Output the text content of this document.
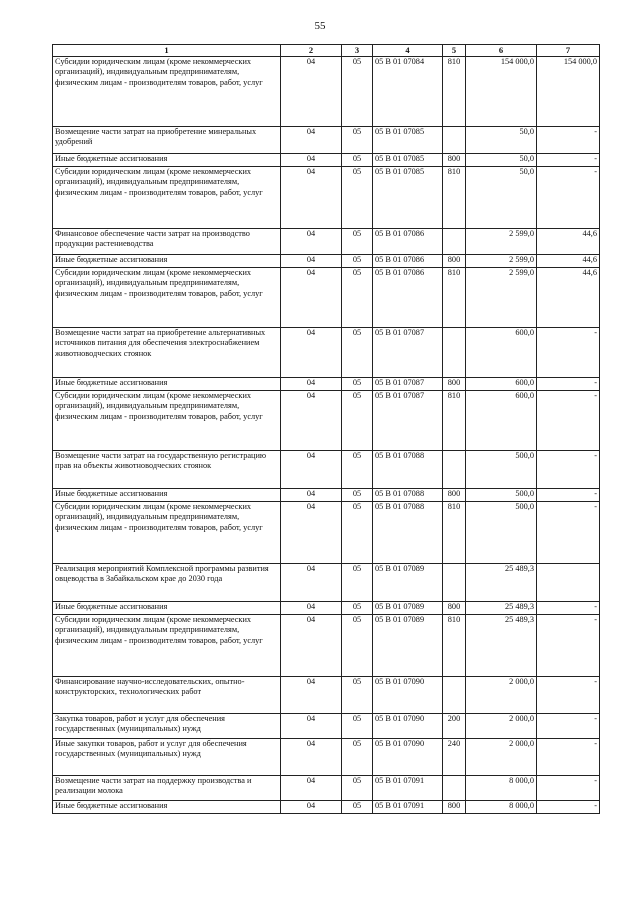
55
1	2	3	4	5	6	7
Субсидии юридическим лицам (кроме некоммерческих организаций), индивидуальным предпринимателям, физическим лицам - производителям товаров, работ, услуг	04	05	05 В 01 07084	810	154 000,0	154 000,0
Возмещение части затрат на приобретение минеральных удобрений	04	05	05 В 01 07085		50,0	-
Иные бюджетные ассигнования	04	05	05 В 01 07085	800	50,0	-
Субсидии юридическим лицам (кроме некоммерческих организаций), индивидуальным предпринимателям, физическим лицам - производителям товаров, работ, услуг	04	05	05 В 01 07085	810	50,0	-
Финансовое обеспечение части затрат на производство продукции растениеводства	04	05	05 В 01 07086		2 599,0	44,6
Иные бюджетные ассигнования	04	05	05 В 01 07086	800	2 599,0	44,6
Субсидии юридическим лицам (кроме некоммерческих организаций), индивидуальным предпринимателям, физическим лицам - производителям товаров, работ, услуг	04	05	05 В 01 07086	810	2 599,0	44,6
Возмещение части затрат на приобретение альтернативных источников питания для обеспечения электроснабжением животноводческих стоянок	04	05	05 В 01 07087		600,0	-
Иные бюджетные ассигнования	04	05	05 В 01 07087	800	600,0	-
Субсидии юридическим лицам (кроме некоммерческих организаций), индивидуальным предпринимателям, физическим лицам - производителям товаров, работ, услуг	04	05	05 В 01 07087	810	600,0	-
Возмещение части затрат на государственную регистрацию прав на объекты животноводческих стоянок	04	05	05 В 01 07088		500,0	-
Иные бюджетные ассигнования	04	05	05 В 01 07088	800	500,0	-
Субсидии юридическим лицам (кроме некоммерческих организаций), индивидуальным предпринимателям, физическим лицам - производителям товаров, работ, услуг	04	05	05 В 01 07088	810	500,0	-
Реализация мероприятий Комплексной программы развития овцеводства в Забайкальском крае до 2030 года	04	05	05 В 01 07089		25 489,3	
Иные бюджетные ассигнования	04	05	05 В 01 07089	800	25 489,3	-
Субсидии юридическим лицам (кроме некоммерческих организаций), индивидуальным предпринимателям, физическим лицам - производителям товаров, работ, услуг	04	05	05 В 01 07089	810	25 489,3	-
Финансирование научно-исследовательских, опытно-конструкторских, технологических работ	04	05	05 В 01 07090		2 000,0	-
Закупка товаров, работ и услуг для обеспечения государственных (муниципальных) нужд	04	05	05 В 01 07090	200	2 000,0	-
Иные закупки товаров, работ и услуг для обеспечения государственных (муниципальных) нужд	04	05	05 В 01 07090	240	2 000,0	-
Возмещение части затрат на поддержку производства и реализации молока	04	05	05 В 01 07091		8 000,0	-
Иные бюджетные ассигнования	04	05	05 В 01 07091	800	8 000,0	-
